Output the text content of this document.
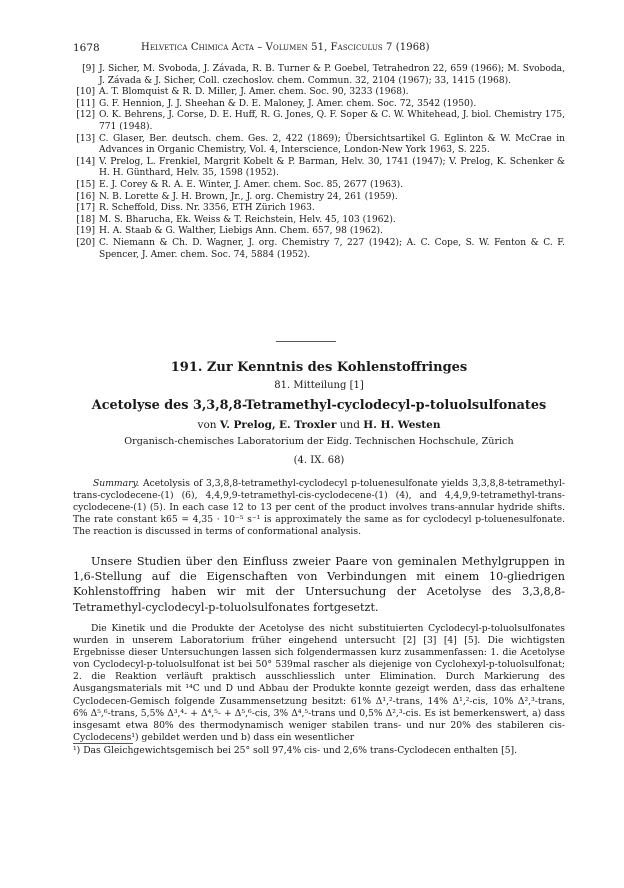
1678	Helvetica Chimica Acta – Volumen 51, Fasciculus 7 (1968)
[9] J. Sicher, M. Svoboda, J. Závada, R. B. Turner & P. Goebel, Tetrahedron 22, 659 (1966); M. Svoboda, J. Závada & J. Sicher, Coll. czechoslov. chem. Commun. 32, 2104 (1967); 33, 1415 (1968).
[10] A. T. Blomquist & R. D. Miller, J. Amer. chem. Soc. 90, 3233 (1968).
[11] G. F. Hennion, J. J. Sheehan & D. E. Maloney, J. Amer. chem. Soc. 72, 3542 (1950).
[12] O. K. Behrens, J. Corse, D. E. Huff, R. G. Jones, Q. F. Soper & C. W. Whitehead, J. biol. Chemistry 175, 771 (1948).
[13] C. Glaser, Ber. deutsch. chem. Ges. 2, 422 (1869); Übersichtsartikel G. Eglinton & W. McCrae in Advances in Organic Chemistry, Vol. 4, Interscience, London-New York 1963, S. 225.
[14] V. Prelog, L. Frenkiel, Margrit Kobelt & P. Barman, Helv. 30, 1741 (1947); V. Prelog, K. Schenker & H. H. Günthard, Helv. 35, 1598 (1952).
[15] E. J. Corey & R. A. E. Winter, J. Amer. chem. Soc. 85, 2677 (1963).
[16] N. B. Lorette & J. H. Brown, Jr., J. org. Chemistry 24, 261 (1959).
[17] R. Scheffold, Diss. Nr. 3356, ETH Zürich 1963.
[18] M. S. Bharucha, Ek. Weiss & T. Reichstein, Helv. 45, 103 (1962).
[19] H. A. Staab & G. Walther, Liebigs Ann. Chem. 657, 98 (1962).
[20] C. Niemann & Ch. D. Wagner, J. org. Chemistry 7, 227 (1942); A. C. Cope, S. W. Fenton & C. F. Spencer, J. Amer. chem. Soc. 74, 5884 (1952).
191. Zur Kenntnis des Kohlenstoffringes
81. Mitteilung [1]
Acetolyse des 3,3,8,8-Tetramethyl-cyclodecyl-p-toluolsulfonates
von V. Prelog, E. Troxler und H. H. Westen
Organisch-chemisches Laboratorium der Eidg. Technischen Hochschule, Zürich
(4. IX. 68)
Summary. Acetolysis of 3,3,8,8-tetramethyl-cyclodecyl p-toluenesulfonate yields 3,3,8,8-tetramethyl-trans-cyclodecene-(1) (6), 4,4,9,9-tetramethyl-cis-cyclodecene-(1) (4), and 4,4,9,9-tetramethyl-trans-cyclodecene-(1) (5). In each case 12 to 13 per cent of the product involves trans-annular hydride shifts. The rate constant k65 = 4,35 · 10⁻⁵ s⁻¹ is approximately the same as for cyclodecyl p-toluenesulfonate. The reaction is discussed in terms of conformational analysis.
Unsere Studien über den Einfluss zweier Paare von geminalen Methylgruppen in 1,6-Stellung auf die Eigenschaften von Verbindungen mit einem 10-gliedrigen Kohlenstoffring haben wir mit der Untersuchung der Acetolyse des 3,3,8,8-Tetramethyl-cyclodecyl-p-toluolsulfonates fortgesetzt.
Die Kinetik und die Produkte der Acetolyse des nicht substituierten Cyclodecyl-p-toluolsulfonates wurden in unserem Laboratorium früher eingehend untersucht [2] [3] [4] [5]. Die wichtigsten Ergebnisse dieser Untersuchungen lassen sich folgendermassen kurz zusammenfassen: 1. die Acetolyse von Cyclodecyl-p-toluolsulfonat ist bei 50° 539mal rascher als diejenige von Cyclohexyl-p-toluolsulfonat; 2. die Reaktion verläuft praktisch ausschliesslich unter Elimination. Durch Markierung des Ausgangsmaterials mit ¹⁴C und D und Abbau der Produkte konnte gezeigt werden, dass das erhaltene Cyclodecen-Gemisch folgende Zusammensetzung besitzt: 61% Δ¹,²-trans, 14% Δ¹,²-cis, 10% Δ²,³-trans, 6% Δ⁵,⁶-trans, 5,5% Δ³,⁴- + Δ⁴,⁵- + Δ⁵,⁶-cis, 3% Δ⁴,⁵-trans und 0,5% Δ²,³-cis. Es ist bemerkenswert, a) dass insgesamt etwa 80% des thermodynamisch weniger stabilen trans- und nur 20% des stabileren cis-Cyclodecens¹) gebildet werden und b) dass ein wesentlicher
¹) Das Gleichgewichtsgemisch bei 25° soll 97,4% cis- und 2,6% trans-Cyclodecen enthalten [5].
